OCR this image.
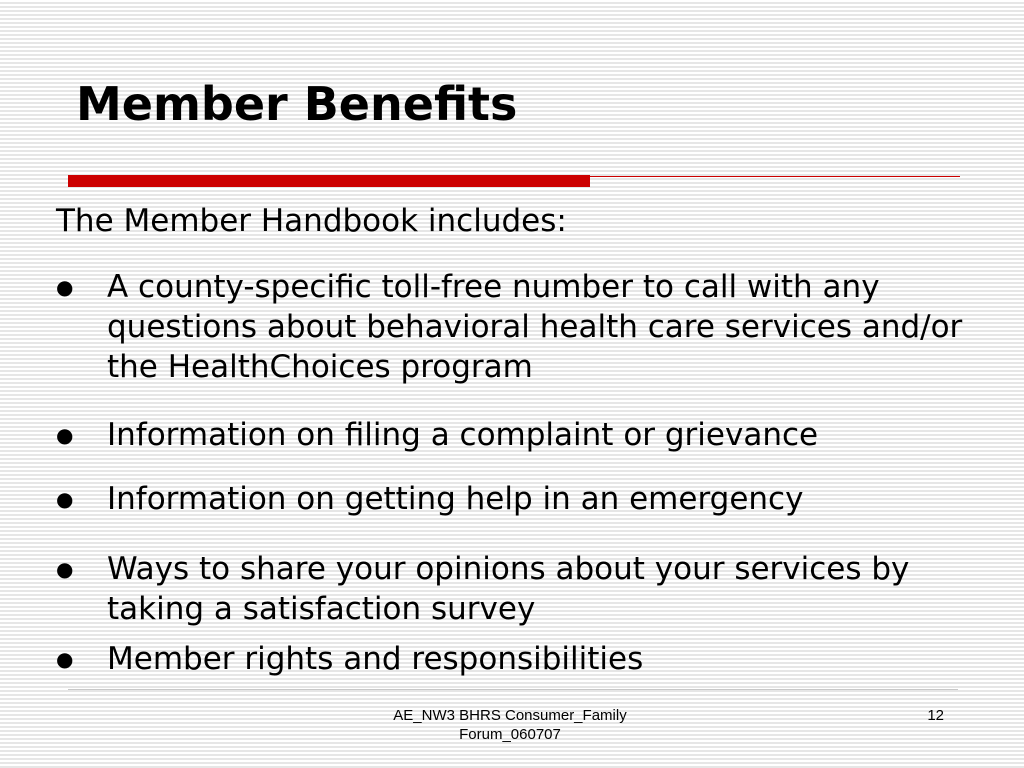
Member Benefits

The Member Handbook includes:

● A county-specific toll-free number to call with any questions about behavioral health care services and/or the HealthChoices program
● Information on filing a complaint or grievance
● Information on getting help in an emergency
● Ways to share your opinions about your services by taking a satisfaction survey
● Member rights and responsibilities

AE_NW3 BHRS Consumer_Family
Forum_060707

12
